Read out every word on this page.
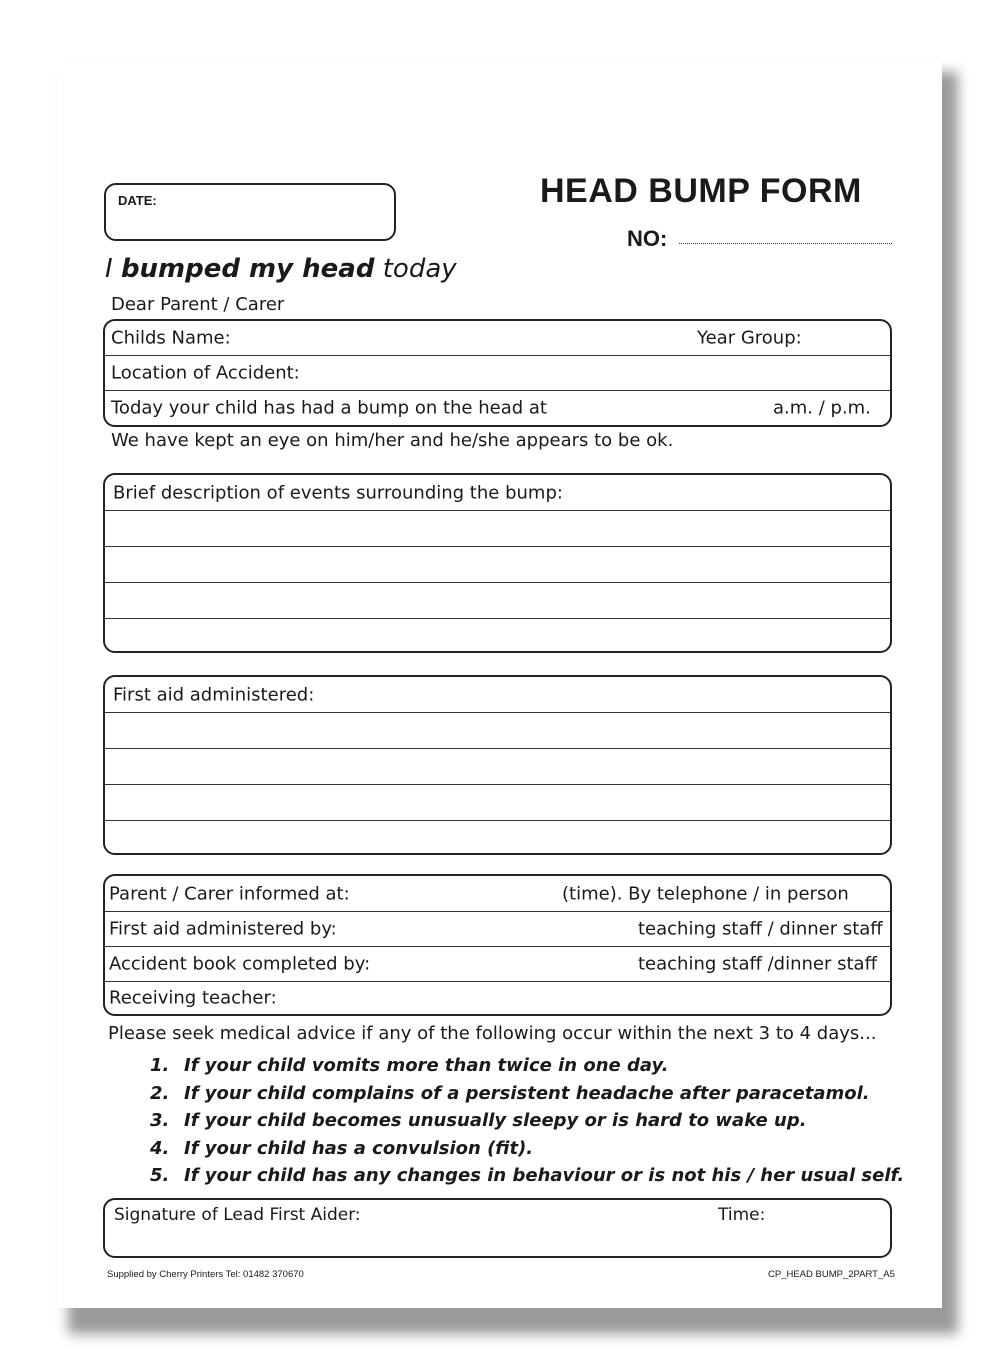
DATE:	HEAD BUMP FORM
NO:
I bumped my head today
Dear Parent / Carer
Childs Name:	Year Group:
Location of Accident:
Today your child has had a bump on the head at	a.m. / p.m.
We have kept an eye on him/her and he/she appears to be ok.
Brief description of events surrounding the bump:
First aid administered:
Parent / Carer informed at:	(time). By telephone / in person
First aid administered by:	teaching staff / dinner staff
Accident book completed by:	teaching staff /dinner staff
Receiving teacher:
Please seek medical advice if any of the following occur within the next 3 to 4 days...
1. If your child vomits more than twice in one day.
2. If your child complains of a persistent headache after paracetamol.
3. If your child becomes unusually sleepy or is hard to wake up.
4. If your child has a convulsion (fit).
5. If your child has any changes in behaviour or is not his / her usual self.
Signature of Lead First Aider:	Time:
Supplied by Cherry Printers Tel: 01482 370670	CP_HEAD BUMP_2PART_A5
